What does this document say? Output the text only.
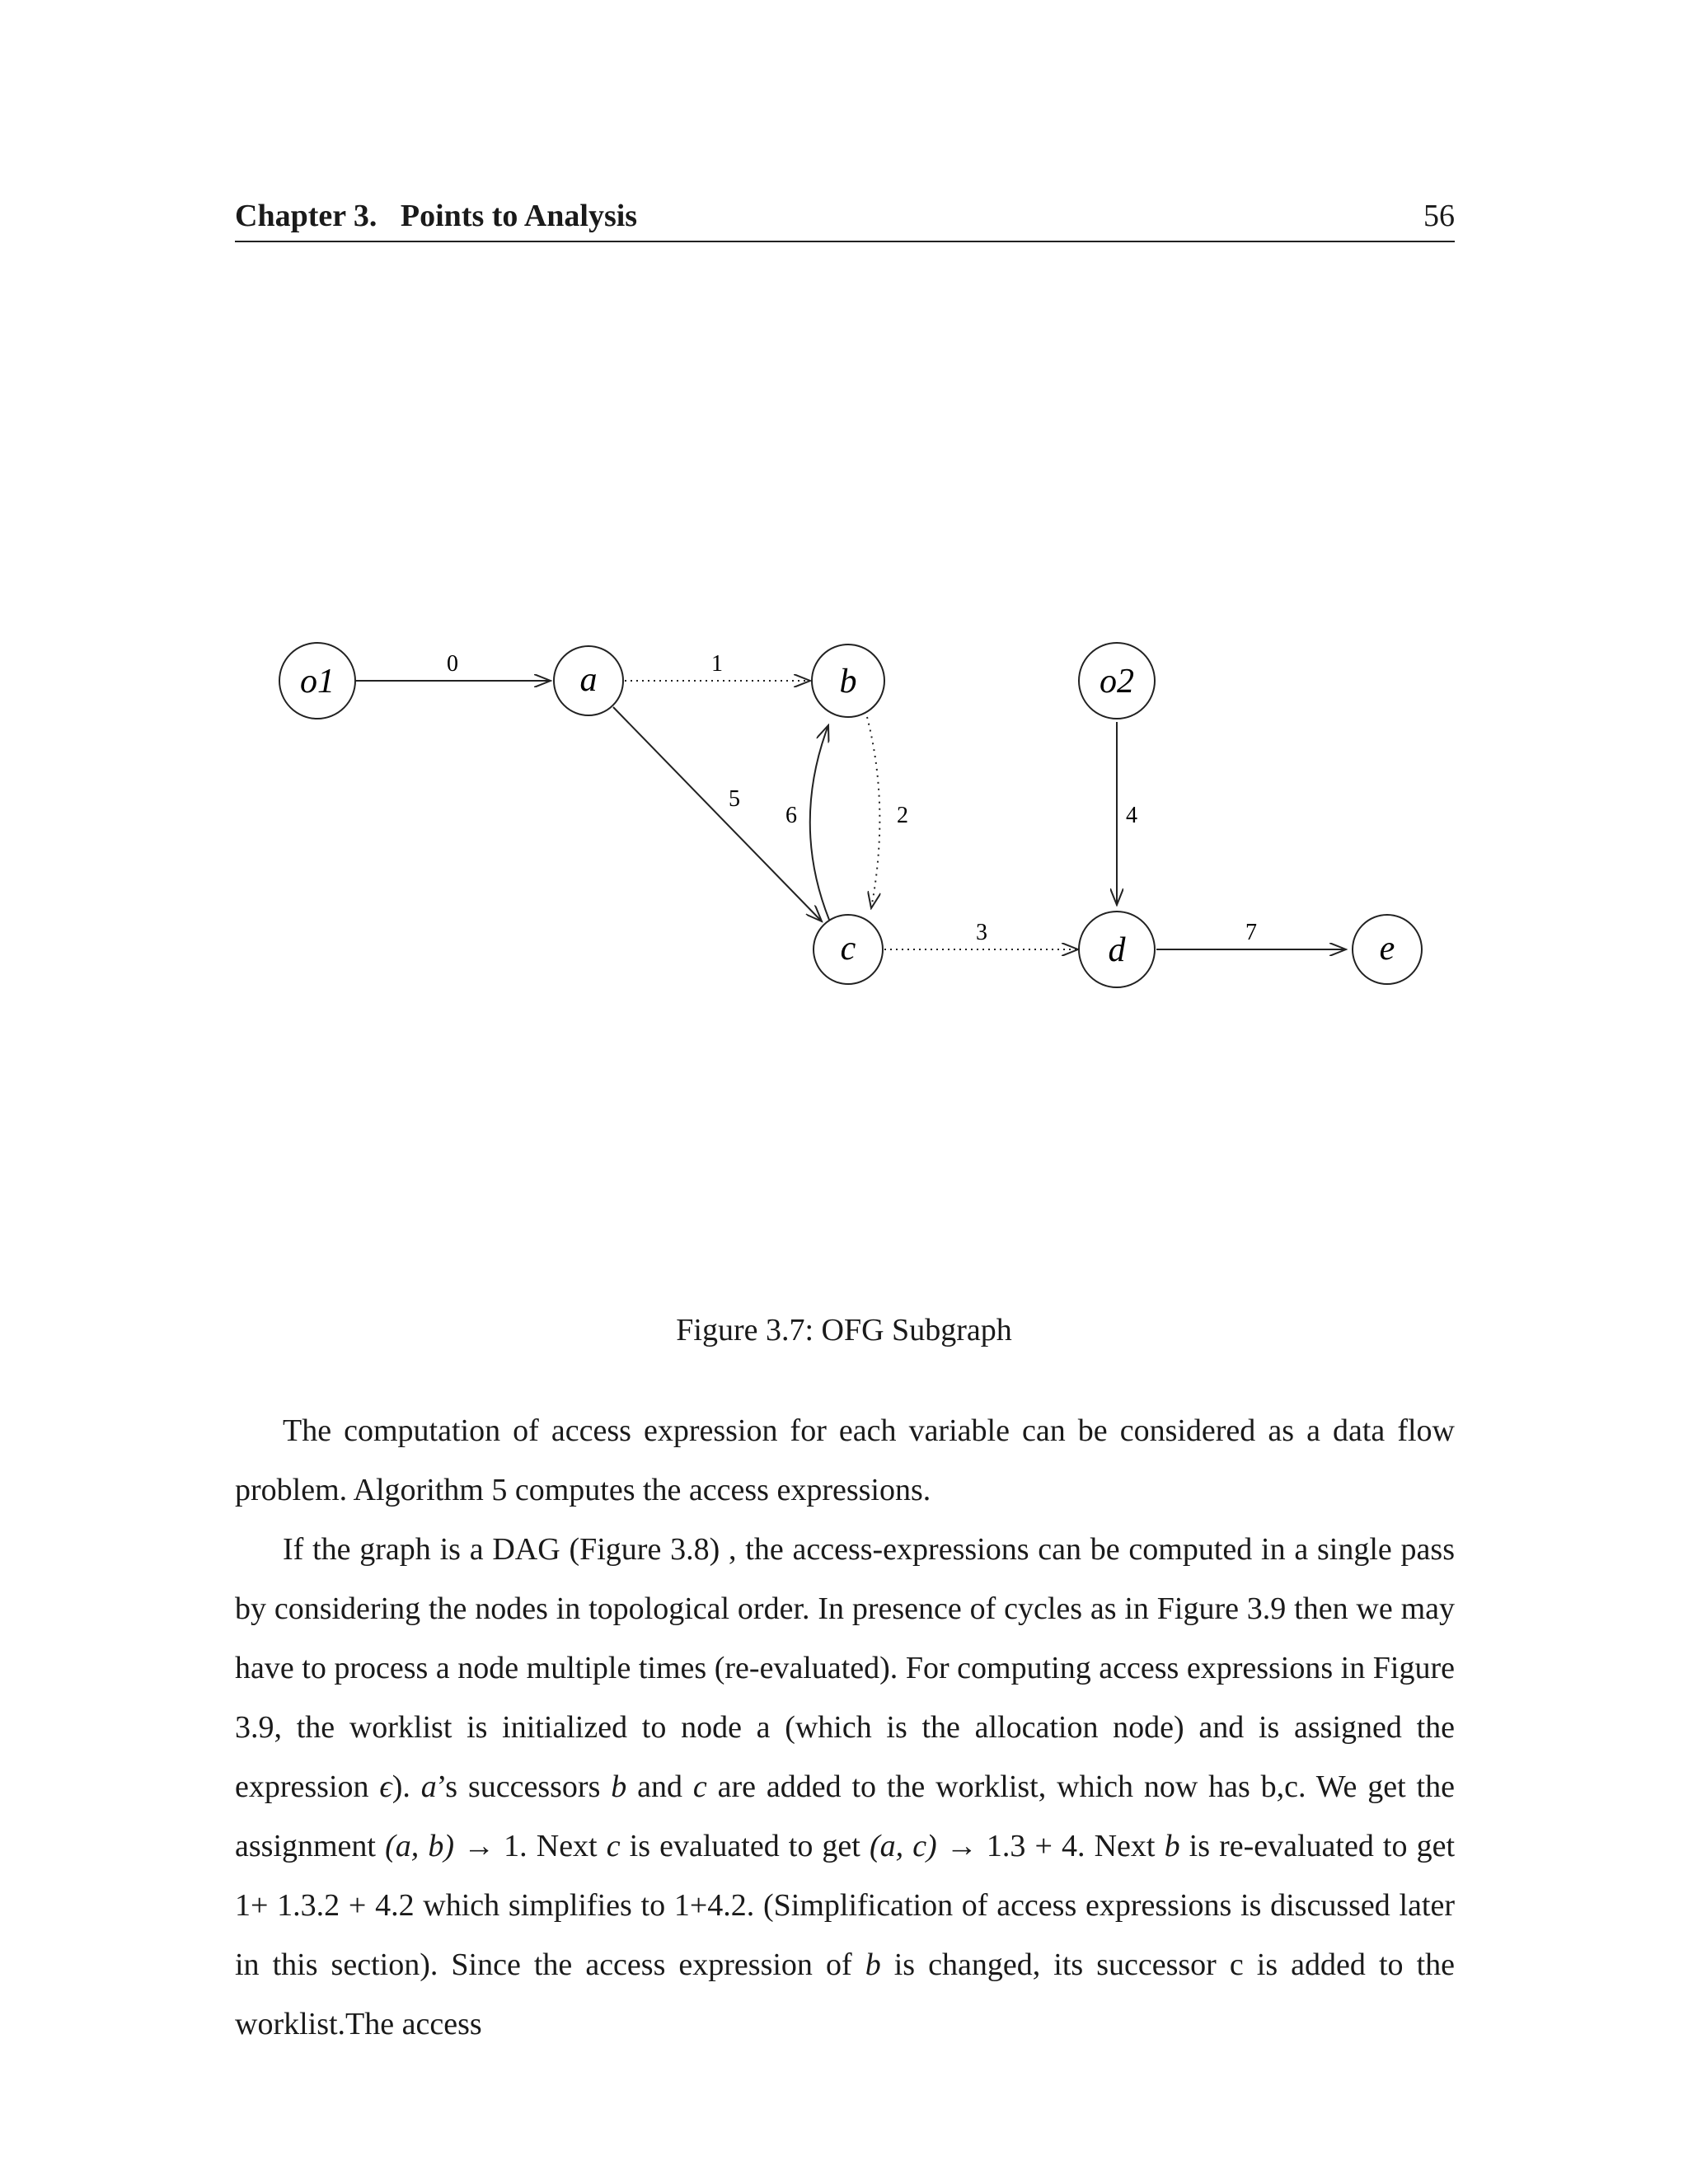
Chapter 3.   Points to Analysis	56
0	1
5
6	2	4
3	7
o1	a	b	o2
c	d	e
Figure 3.7: OFG Subgraph

The computation of access expression for each variable can be considered as a data flow problem. Algorithm 5 computes the access expressions.

If the graph is a DAG (Figure 3.8) , the access-expressions can be computed in a single pass by considering the nodes in topological order. In presence of cycles as in Figure 3.9 then we may have to process a node multiple times (re-evaluated). For computing access expressions in Figure 3.9, the worklist is initialized to node a (which is the allocation node) and is assigned the expression ϵ). a’s successors b and c are added to the worklist, which now has b,c. We get the assignment (a, b) → 1. Next c is evaluated to get (a, c) → 1.3 + 4. Next b is re-evaluated to get 1+ 1.3.2 + 4.2 which simplifies to 1+4.2. (Simplification of access expressions is discussed later in this section). Since the access expression of b is changed, its successor c is added to the worklist.The access
